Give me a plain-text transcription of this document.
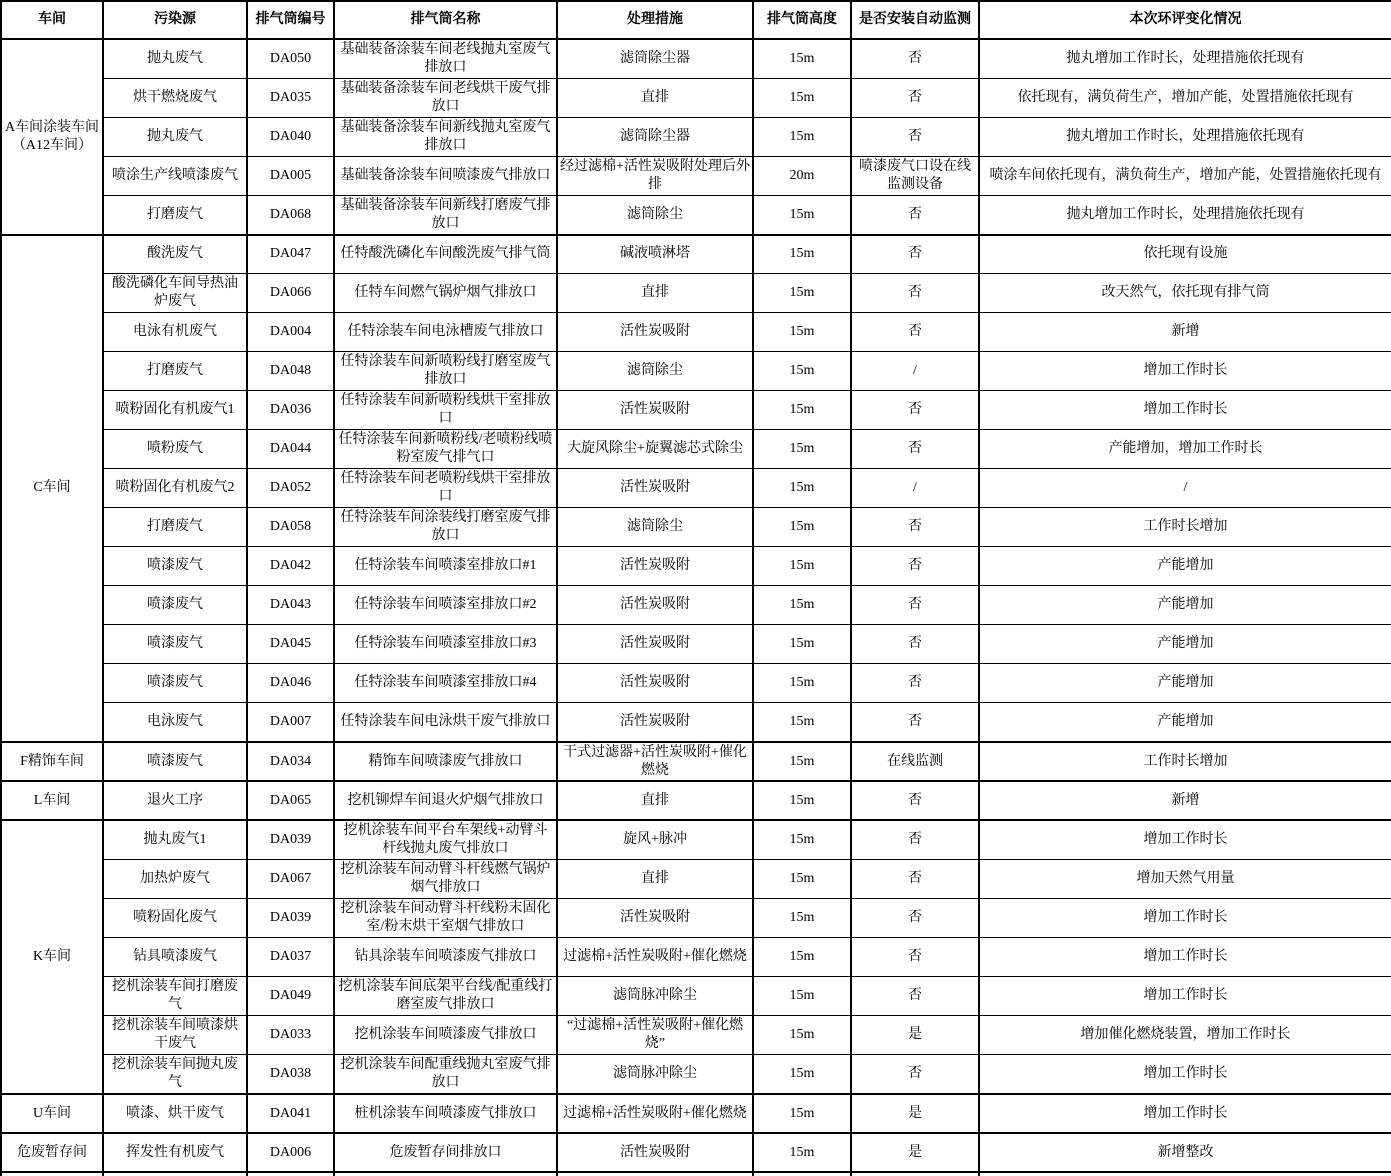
车间	污染源	排气筒编号	排气筒名称	处理措施	排气筒高度	是否安装自动监测	本次环评变化情况
A车间涂装车间（A12车间）	抛丸废气	DA050	基础装备涂装车间老线抛丸室废气排放口	滤筒除尘器	15m	否	抛丸增加工作时长，处理措施依托现有
	烘干燃烧废气	DA035	基础装备涂装车间老线烘干废气排放口	直排	15m	否	依托现有，满负荷生产，增加产能，处置措施依托现有
	抛丸废气	DA040	基础装备涂装车间新线抛丸室废气排放口	滤筒除尘器	15m	否	抛丸增加工作时长，处理措施依托现有
	喷涂生产线喷漆废气	DA005	基础装备涂装车间喷漆废气排放口	经过滤棉+活性炭吸附处理后外排	20m	喷漆废气口设在线监测设备	喷涂车间依托现有，满负荷生产，增加产能，处置措施依托现有
	打磨废气	DA068	基础装备涂装车间新线打磨废气排放口	滤筒除尘	15m	否	抛丸增加工作时长，处理措施依托现有
C车间	酸洗废气	DA047	任特酸洗磷化车间酸洗废气排气筒	碱液喷淋塔	15m	否	依托现有设施
	酸洗磷化车间导热油炉废气	DA066	任特车间燃气锅炉烟气排放口	直排	15m	否	改天然气，依托现有排气筒
	电泳有机废气	DA004	任特涂装车间电泳槽废气排放口	活性炭吸附	15m	否	新增
	打磨废气	DA048	任特涂装车间新喷粉线打磨室废气排放口	滤筒除尘	15m	/	增加工作时长
	喷粉固化有机废气1	DA036	任特涂装车间新喷粉线烘干室排放口	活性炭吸附	15m	否	增加工作时长
	喷粉废气	DA044	任特涂装车间新喷粉线/老喷粉线喷粉室废气排气口	大旋风除尘+旋翼滤芯式除尘	15m	否	产能增加，增加工作时长
	喷粉固化有机废气2	DA052	任特涂装车间老喷粉线烘干室排放口	活性炭吸附	15m	/	/
	打磨废气	DA058	任特涂装车间涂装线打磨室废气排放口	滤筒除尘	15m	否	工作时长增加
	喷漆废气	DA042	任特涂装车间喷漆室排放口#1	活性炭吸附	15m	否	产能增加
	喷漆废气	DA043	任特涂装车间喷漆室排放口#2	活性炭吸附	15m	否	产能增加
	喷漆废气	DA045	任特涂装车间喷漆室排放口#3	活性炭吸附	15m	否	产能增加
	喷漆废气	DA046	任特涂装车间喷漆室排放口#4	活性炭吸附	15m	否	产能增加
	电泳废气	DA007	任特涂装车间电泳烘干废气排放口	活性炭吸附	15m	否	产能增加
F精饰车间	喷漆废气	DA034	精饰车间喷漆废气排放口	干式过滤器+活性炭吸附+催化燃烧	15m	在线监测	工作时长增加
L车间	退火工序	DA065	挖机铆焊车间退火炉烟气排放口	直排	15m	否	新增
K车间	抛丸废气1	DA039	挖机涂装车间平台车架线+动臂斗杆线抛丸废气排放口	旋风+脉冲	15m	否	增加工作时长
	加热炉废气	DA067	挖机涂装车间动臂斗杆线燃气锅炉烟气排放口	直排	15m	否	增加天然气用量
	喷粉固化废气	DA039	挖机涂装车间动臂斗杆线粉末固化室/粉末烘干室烟气排放口	活性炭吸附	15m	否	增加工作时长
	钻具喷漆废气	DA037	钻具涂装车间喷漆废气排放口	过滤棉+活性炭吸附+催化燃烧	15m	否	增加工作时长
	挖机涂装车间打磨废气	DA049	挖机涂装车间底架平台线/配重线打磨室废气排放口	滤筒脉冲除尘	15m	否	增加工作时长
	挖机涂装车间喷漆烘干废气	DA033	挖机涂装车间喷漆废气排放口	“过滤棉+活性炭吸附+催化燃烧”	15m	是	增加催化燃烧装置，增加工作时长
	挖机涂装车间抛丸废气	DA038	挖机涂装车间配重线抛丸室废气排放口	滤筒脉冲除尘	15m	否	增加工作时长
U车间	喷漆、烘干废气	DA041	桩机涂装车间喷漆废气排放口	过滤棉+活性炭吸附+催化燃烧	15m	是	增加工作时长
危废暂存间	挥发性有机废气	DA006	危废暂存间排放口	活性炭吸附	15m	是	新增整改
